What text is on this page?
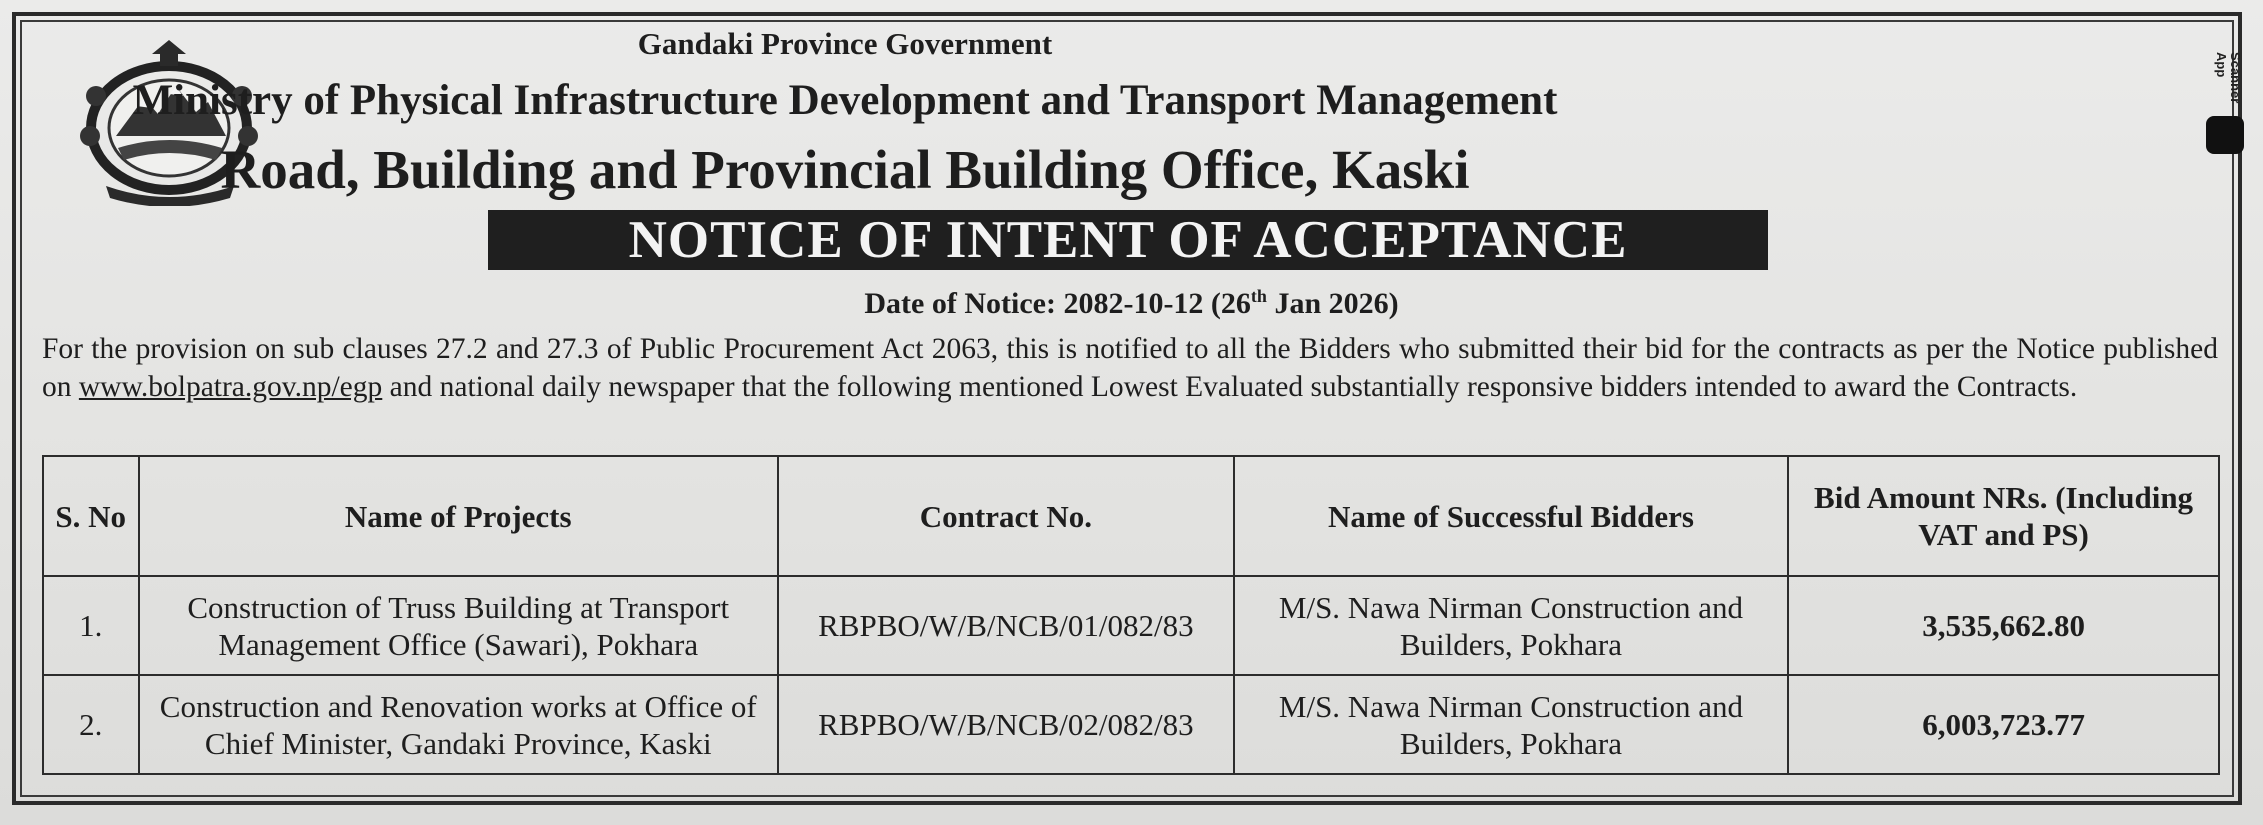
Gandaki Province Government
Ministry of Physical Infrastructure Development and Transport Management
Road, Building and Provincial Building Office, Kaski
NOTICE OF INTENT OF ACCEPTANCE
Date of Notice: 2082-10-12 (26th Jan 2026)
For the provision on sub clauses 27.2 and 27.3 of Public Procurement Act 2063, this is notified to all the Bidders who submitted their bid for the contracts as per the Notice published on www.bolpatra.gov.np/egp and national daily newspaper that the following mentioned Lowest Evaluated substantially responsive bidders intended to award the Contracts.
S. No	Name of Projects	Contract No.	Name of Successful Bidders	Bid Amount NRs. (Including VAT and PS)
1.	Construction of Truss Building at Transport Management Office (Sawari), Pokhara	RBPBO/W/B/NCB/01/082/83	M/S. Nawa Nirman Construction and Builders, Pokhara	3,535,662.80
2.	Construction and Renovation works at Office of Chief Minister, Gandaki Province, Kaski	RBPBO/W/B/NCB/02/082/83	M/S. Nawa Nirman Construction and Builders, Pokhara	6,003,723.77
Scanner App
